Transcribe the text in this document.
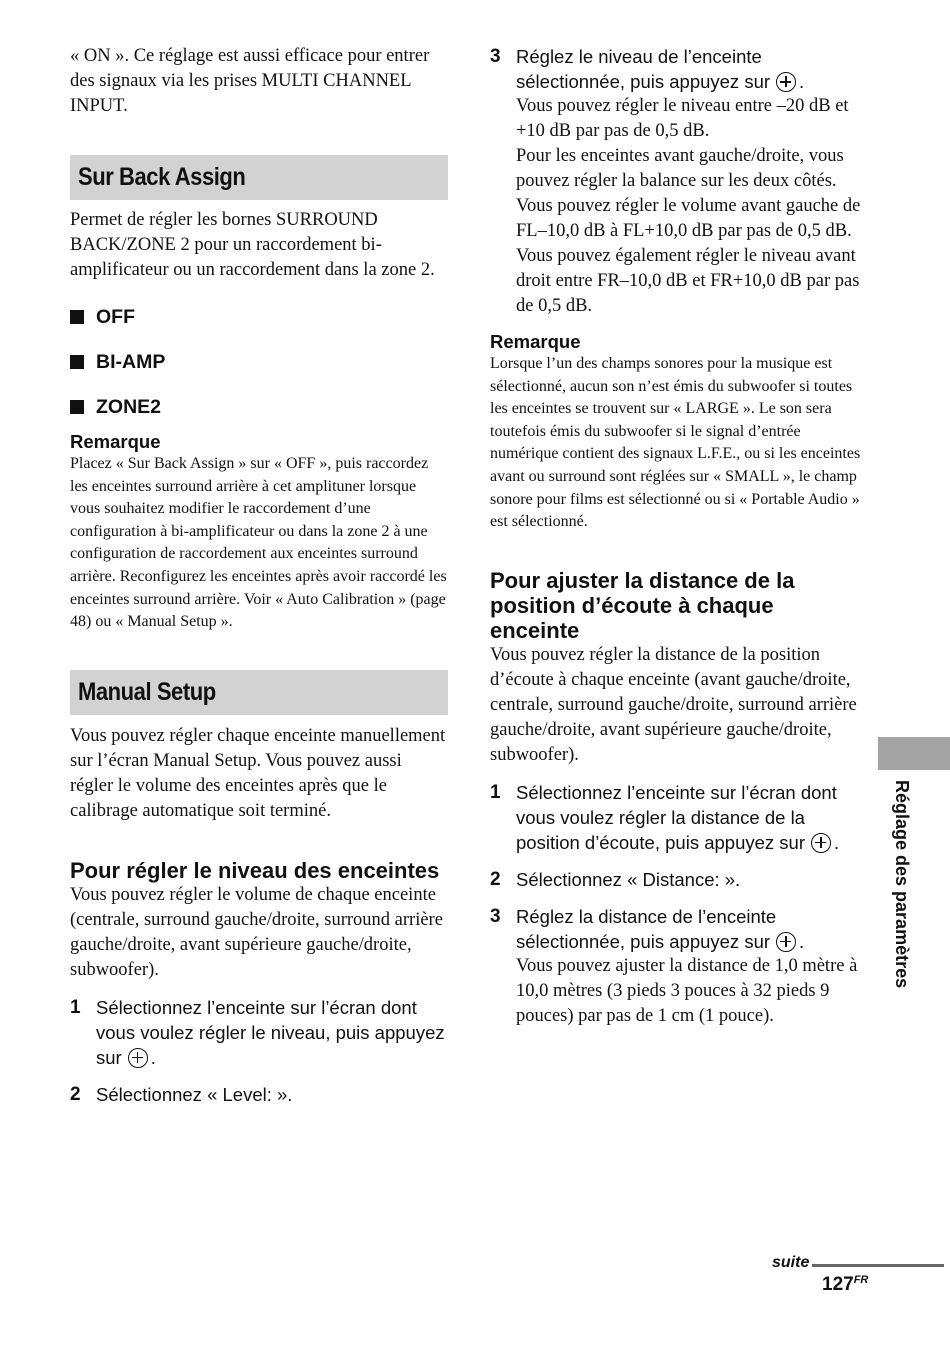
« ON ». Ce réglage est aussi efficace pour entrer des signaux via les prises MULTI CHANNEL INPUT.

Sur Back Assign

Permet de régler les bornes SURROUND BACK/ZONE 2 pour un raccordement bi-amplificateur ou un raccordement dans la zone 2.

OFF

BI-AMP

ZONE2

Remarque

Placez « Sur Back Assign » sur « OFF », puis raccordez les enceintes surround arrière à cet amplituner lorsque vous souhaitez modifier le raccordement d’une configuration à bi-amplificateur ou dans la zone 2 à une configuration de raccordement aux enceintes surround arrière. Reconfigurez les enceintes après avoir raccordé les enceintes surround arrière. Voir « Auto Calibration » (page 48) ou « Manual Setup ».

Manual Setup

Vous pouvez régler chaque enceinte manuellement sur l’écran Manual Setup. Vous pouvez aussi régler le volume des enceintes après que le calibrage automatique soit terminé.

Pour régler le niveau des enceintes

Vous pouvez régler le volume de chaque enceinte (centrale, surround gauche/droite, surround arrière gauche/droite, avant supérieure gauche/droite, subwoofer).

1 Sélectionnez l’enceinte sur l’écran dont vous voulez régler le niveau, puis appuyez sur .

2 Sélectionnez « Level: ».

3 Réglez le niveau de l’enceinte sélectionnée, puis appuyez sur .

Vous pouvez régler le niveau entre –20 dB et +10 dB par pas de 0,5 dB.

Pour les enceintes avant gauche/droite, vous pouvez régler la balance sur les deux côtés. Vous pouvez régler le volume avant gauche de FL–10,0 dB à FL+10,0 dB par pas de 0,5 dB. Vous pouvez également régler le niveau avant droit entre FR–10,0 dB et FR+10,0 dB par pas de 0,5 dB.

Remarque

Lorsque l’un des champs sonores pour la musique est sélectionné, aucun son n’est émis du subwoofer si toutes les enceintes se trouvent sur « LARGE ». Le son sera toutefois émis du subwoofer si le signal d’entrée numérique contient des signaux L.F.E., ou si les enceintes avant ou surround sont réglées sur « SMALL », le champ sonore pour films est sélectionné ou si « Portable Audio » est sélectionné.

Pour ajuster la distance de la position d’écoute à chaque enceinte

Vous pouvez régler la distance de la position d’écoute à chaque enceinte (avant gauche/droite, centrale, surround gauche/droite, surround arrière gauche/droite, avant supérieure gauche/droite, subwoofer).

1 Sélectionnez l’enceinte sur l’écran dont vous voulez régler la distance de la position d’écoute, puis appuyez sur .

2 Sélectionnez « Distance: ».

3 Réglez la distance de l’enceinte sélectionnée, puis appuyez sur .

Vous pouvez ajuster la distance de 1,0 mètre à 10,0 mètres (3 pieds 3 pouces à 32 pieds 9 pouces) par pas de 1 cm (1 pouce).

Réglage des paramètres
suite
$127^{FR}$
